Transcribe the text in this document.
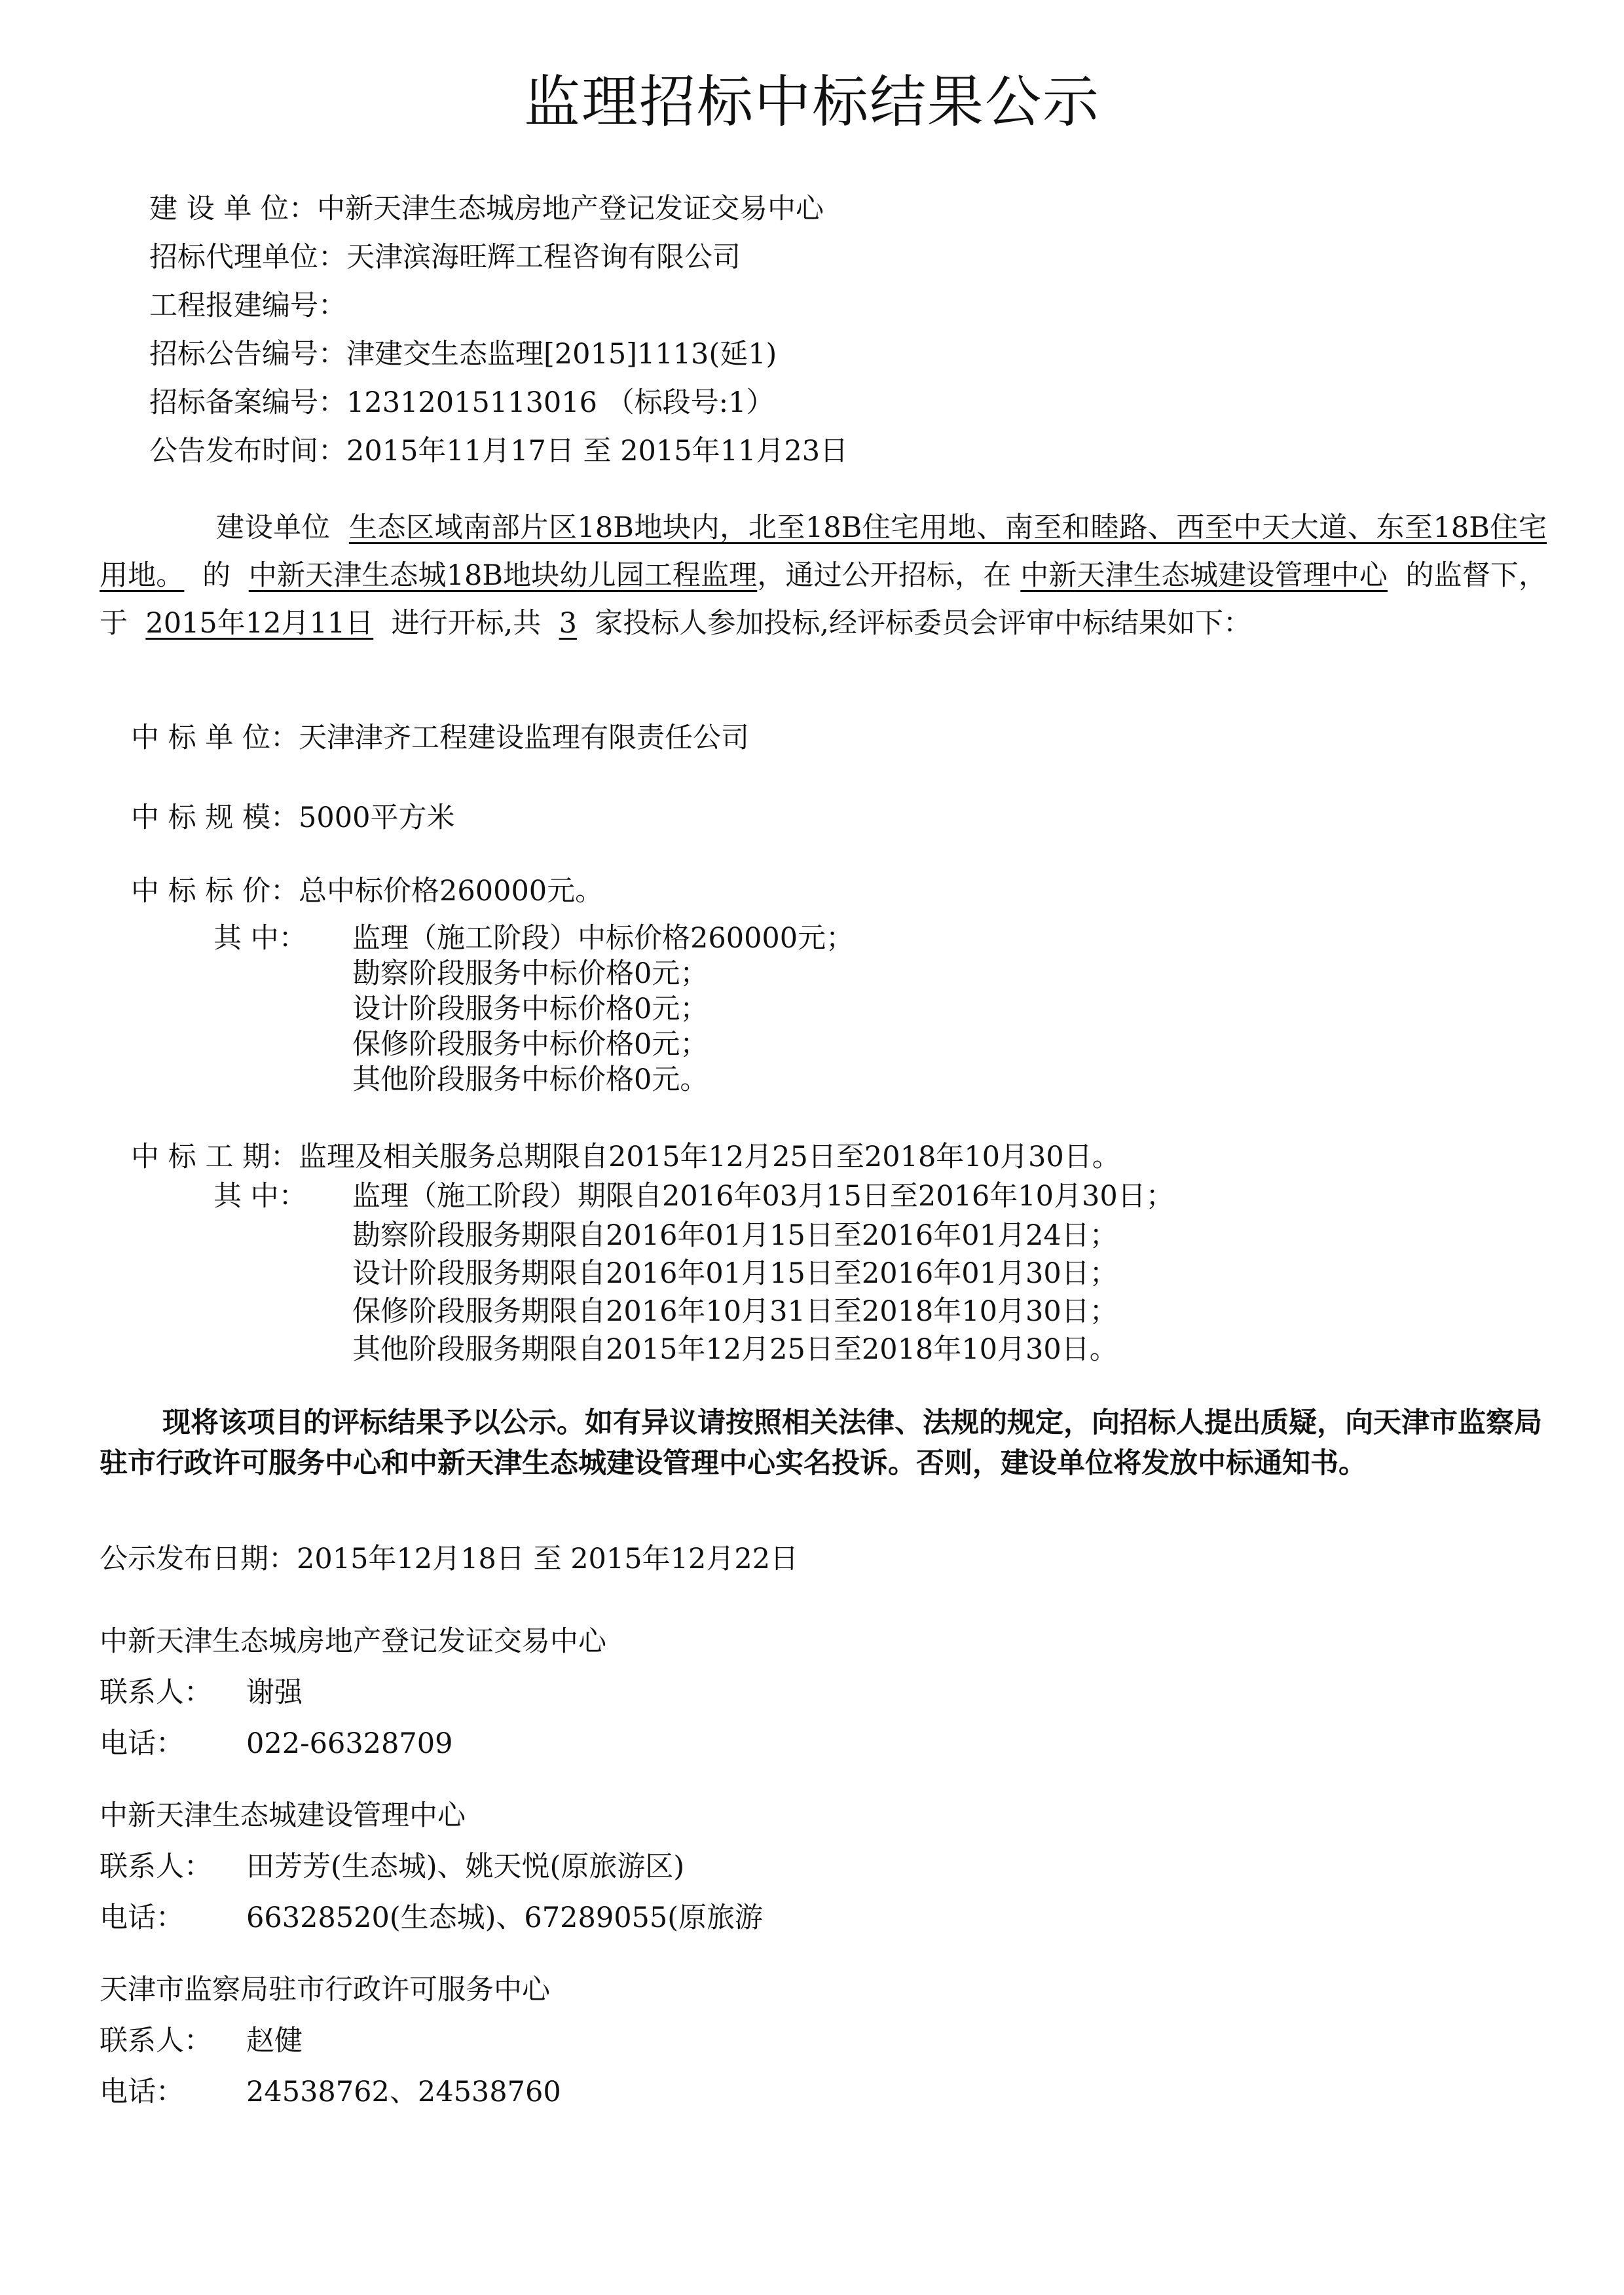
监理招标中标结果公示
建 设 单 位：中新天津生态城房地产登记发证交易中心
招标代理单位：天津滨海旺辉工程咨询有限公司
工程报建编号：
招标公告编号：津建交生态监理[2015]1113(延1)
招标备案编号：12312015113016 （标段号:1）
公告发布时间：2015年11月17日 至 2015年11月23日
建设单位 生态区域南部片区18B地块内，北至18B住宅用地、南至和睦路、西至中天大道、东至18B住宅用地。 的 中新天津生态城18B地块幼儿园工程监理，通过公开招标，在 中新天津生态城建设管理中心 的监督下，于 2015年12月11日 进行开标,共 3 家投标人参加投标,经评标委员会评审中标结果如下：
中 标 单 位：天津津齐工程建设监理有限责任公司
中 标 规 模：5000平方米
中 标 标 价：总中标价格260000元。
其 中： 监理（施工阶段）中标价格260000元；
勘察阶段服务中标价格0元；
设计阶段服务中标价格0元；
保修阶段服务中标价格0元；
其他阶段服务中标价格0元。
中 标 工 期：监理及相关服务总期限自2015年12月25日至2018年10月30日。
其 中： 监理（施工阶段）期限自2016年03月15日至2016年10月30日；
勘察阶段服务期限自2016年01月15日至2016年01月24日；
设计阶段服务期限自2016年01月15日至2016年01月30日；
保修阶段服务期限自2016年10月31日至2018年10月30日；
其他阶段服务期限自2015年12月25日至2018年10月30日。
现将该项目的评标结果予以公示。如有异议请按照相关法律、法规的规定，向招标人提出质疑，向天津市监察局驻市行政许可服务中心和中新天津生态城建设管理中心实名投诉。否则，建设单位将发放中标通知书。
公示发布日期：2015年12月18日 至 2015年12月22日
中新天津生态城房地产登记发证交易中心
联系人： 谢强
电话： 022-66328709
中新天津生态城建设管理中心
联系人： 田芳芳(生态城)、姚天悦(原旅游区)
电话： 66328520(生态城)、67289055(原旅游
天津市监察局驻市行政许可服务中心
联系人： 赵健
电话： 24538762、24538760
